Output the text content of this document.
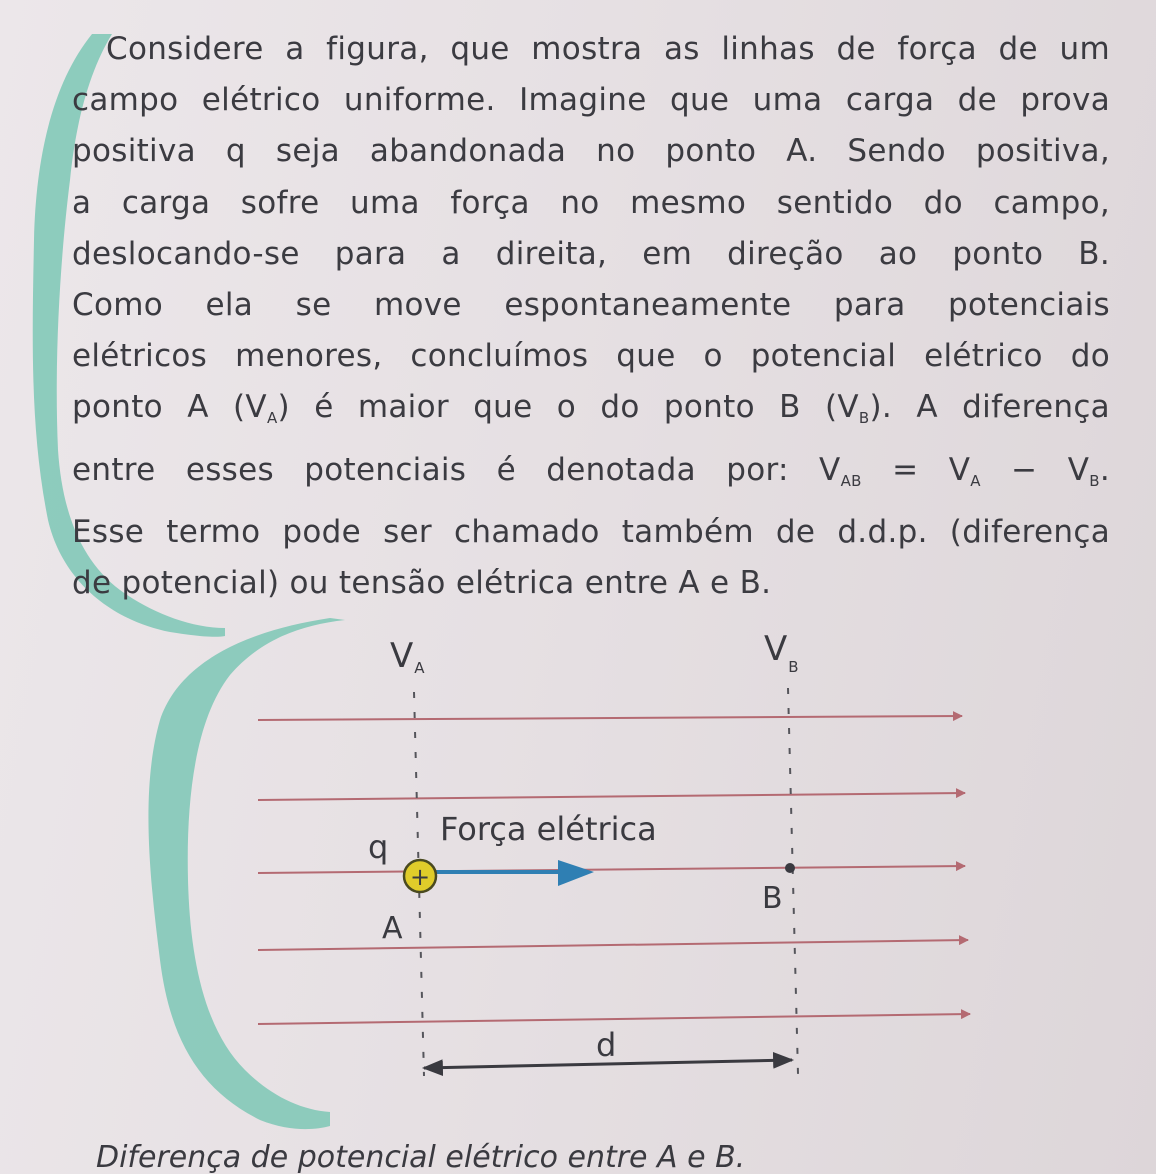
Considere a figura, que mostra as linhas de força de um
campo elétrico uniforme. Imagine que uma carga de prova
positiva q seja abandonada no ponto A. Sendo positiva,
a carga sofre uma força no mesmo sentido do campo,
deslocando-se para a direita, em direção ao ponto B.
Como ela se move espontaneamente para potenciais
elétricos menores, concluímos que o potencial elétrico do
ponto A $(V_A)$ é maior que o do ponto B $(V_B)$. A diferença
entre esses potenciais é denotada por: $V_{AB} = V_A - V_B$.
Esse termo pode ser chamado também de d.d.p. (diferença
de potencial) ou tensão elétrica entre A e B.
VA	$V_B$
Força elétrica
+
q
A
B
d
Diferença de potencial elétrico entre A e B.
